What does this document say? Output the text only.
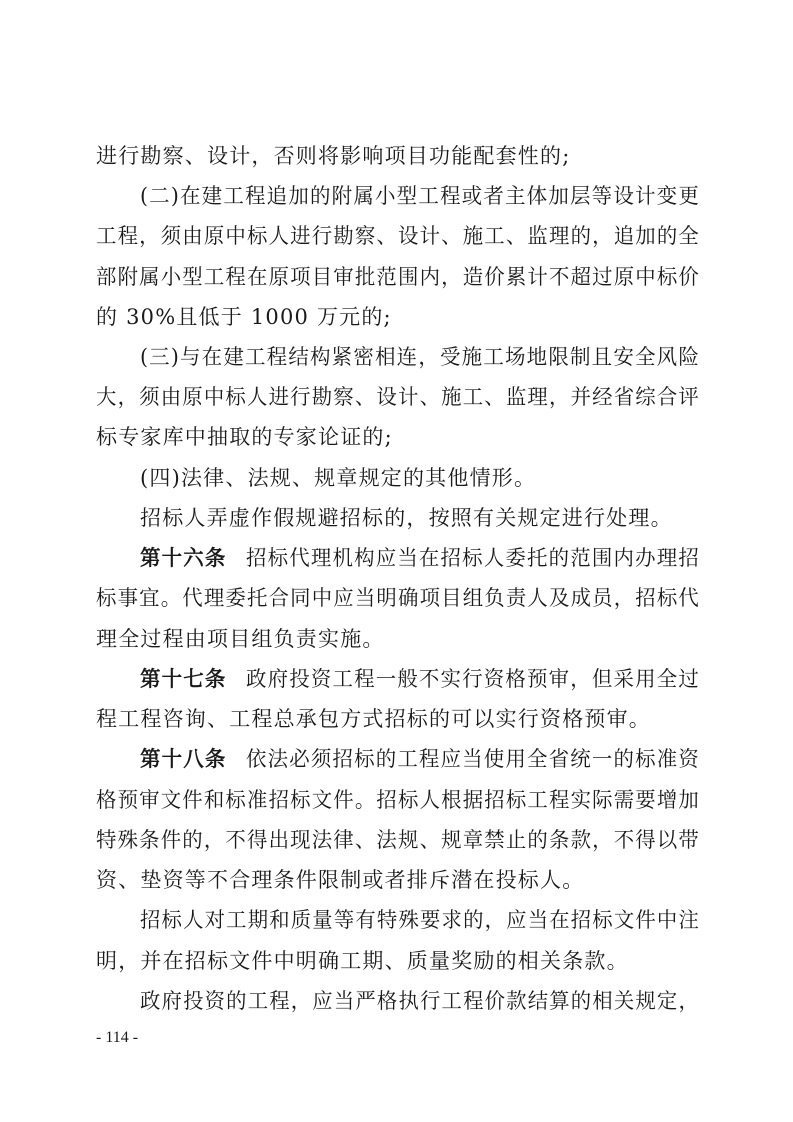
进行勘察、设计，否则将影响项目功能配套性的;
(二)在建工程追加的附属小型工程或者主体加层等设计变更
工程，须由原中标人进行勘察、设计、施工、监理的，追加的全
部附属小型工程在原项目审批范围内，造价累计不超过原中标价
的 30%且低于 1000 万元的;
(三)与在建工程结构紧密相连，受施工场地限制且安全风险
大，须由原中标人进行勘察、设计、施工、监理，并经省综合评
标专家库中抽取的专家论证的;
(四)法律、法规、规章规定的其他情形。
招标人弄虚作假规避招标的，按照有关规定进行处理。
第十六条 招标代理机构应当在招标人委托的范围内办理招
标事宜。代理委托合同中应当明确项目组负责人及成员，招标代
理全过程由项目组负责实施。
第十七条 政府投资工程一般不实行资格预审，但采用全过
程工程咨询、工程总承包方式招标的可以实行资格预审。
第十八条 依法必须招标的工程应当使用全省统一的标准资
格预审文件和标准招标文件。招标人根据招标工程实际需要增加
特殊条件的，不得出现法律、法规、规章禁止的条款，不得以带
资、垫资等不合理条件限制或者排斥潜在投标人。
招标人对工期和质量等有特殊要求的，应当在招标文件中注
明，并在招标文件中明确工期、质量奖励的相关条款。
政府投资的工程，应当严格执行工程价款结算的相关规定，
- 114 -
